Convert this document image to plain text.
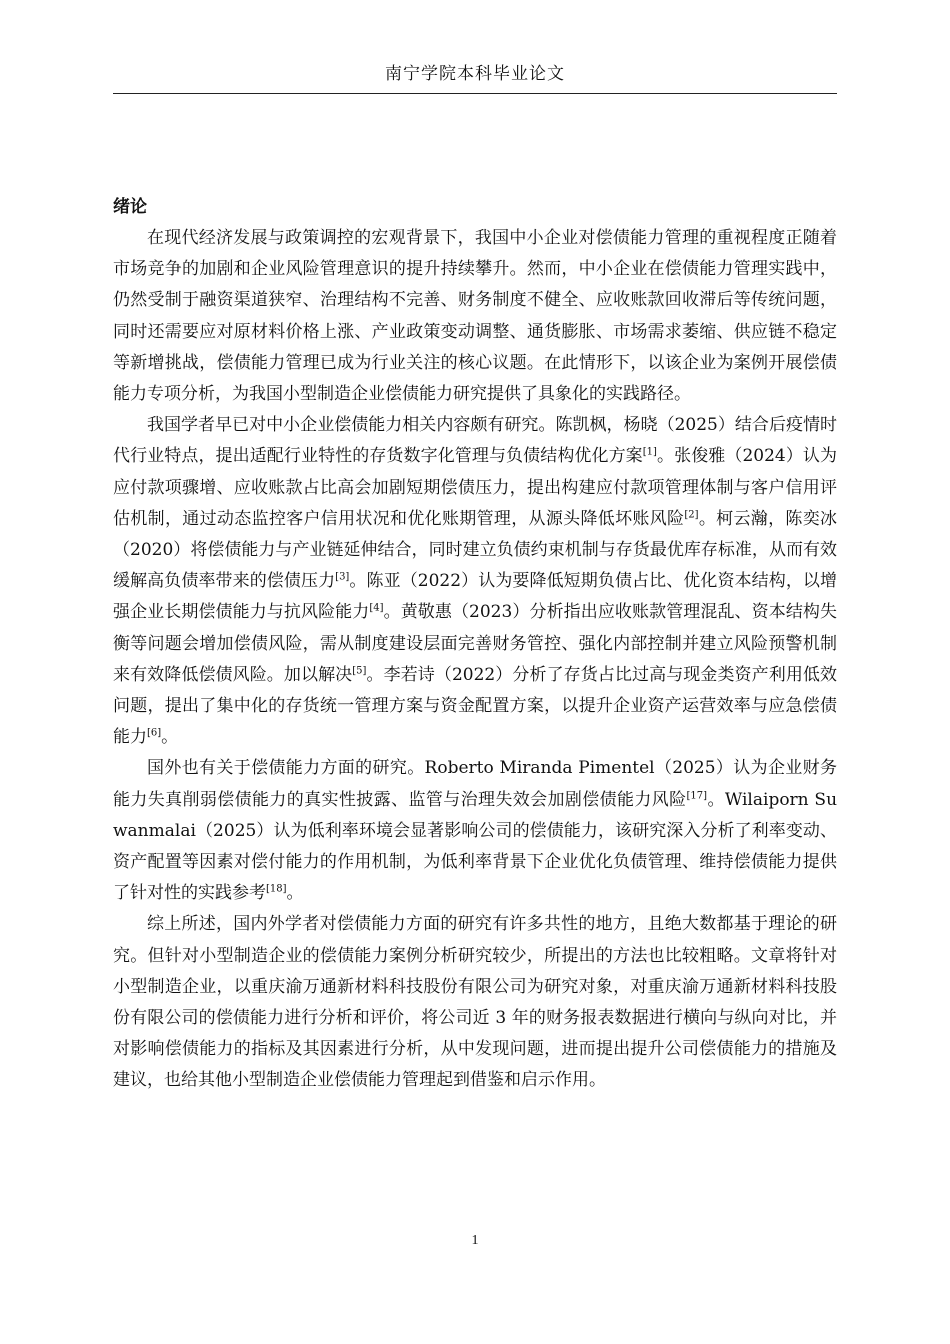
南宁学院本科毕业论文
绪论

在现代经济发展与政策调控的宏观背景下，我国中小企业对偿债能力管理的重视程度正随着市场竞争的加剧和企业风险管理意识的提升持续攀升。然而，中小企业在偿债能力管理实践中，仍然受制于融资渠道狭窄、治理结构不完善、财务制度不健全、应收账款回收滞后等传统问题，同时还需要应对原材料价格上涨、产业政策变动调整、通货膨胀、市场需求萎缩、供应链不稳定等新增挑战，偿债能力管理已成为行业关注的核心议题。在此情形下，以该企业为案例开展偿债能力专项分析，为我国小型制造企业偿债能力研究提供了具象化的实践路径。

我国学者早已对中小企业偿债能力相关内容颇有研究。陈凯枫，杨晓（2025）结合后疫情时代行业特点，提出适配行业特性的存货数字化管理与负债结构优化方案[1]。张俊雅（2024）认为应付款项骤增、应收账款占比高会加剧短期偿债压力，提出构建应付款项管理体制与客户信用评估机制，通过动态监控客户信用状况和优化账期管理，从源头降低坏账风险[2]。柯云瀚，陈奕冰（2020）将偿债能力与产业链延伸结合，同时建立负债约束机制与存货最优库存标准，从而有效缓解高负债率带来的偿债压力[3]。陈亚（2022）认为要降低短期负债占比、优化资本结构，以增强企业长期偿债能力与抗风险能力[4]。黄敬惠（2023）分析指出应收账款管理混乱、资本结构失衡等问题会增加偿债风险，需从制度建设层面完善财务管控、强化内部控制并建立风险预警机制来有效降低偿债风险。加以解决[5]。李若诗（2022）分析了存货占比过高与现金类资产利用低效问题，提出了集中化的存货统一管理方案与资金配置方案，以提升企业资产运营效率与应急偿债能力[6]。

国外也有关于偿债能力方面的研究。Roberto Miranda Pimentel（2025）认为企业财务能力失真削弱偿债能力的真实性披露、监管与治理失效会加剧偿债能力风险[17]。Wilaiporn Suwanmalai（2025）认为低利率环境会显著影响公司的偿债能力，该研究深入分析了利率变动、资产配置等因素对偿付能力的作用机制，为低利率背景下企业优化负债管理、维持偿债能力提供了针对性的实践参考[18]。

综上所述，国内外学者对偿债能力方面的研究有许多共性的地方，且绝大数都基于理论的研究。但针对小型制造企业的偿债能力案例分析研究较少，所提出的方法也比较粗略。文章将针对小型制造企业，以重庆渝万通新材料科技股份有限公司为研究对象，对重庆渝万通新材料科技股份有限公司的偿债能力进行分析和评价，将公司近 3 年的财务报表数据进行横向与纵向对比，并对影响偿债能力的指标及其因素进行分析，从中发现问题，进而提出提升公司偿债能力的措施及建议，也给其他小型制造企业偿债能力管理起到借鉴和启示作用。

1
